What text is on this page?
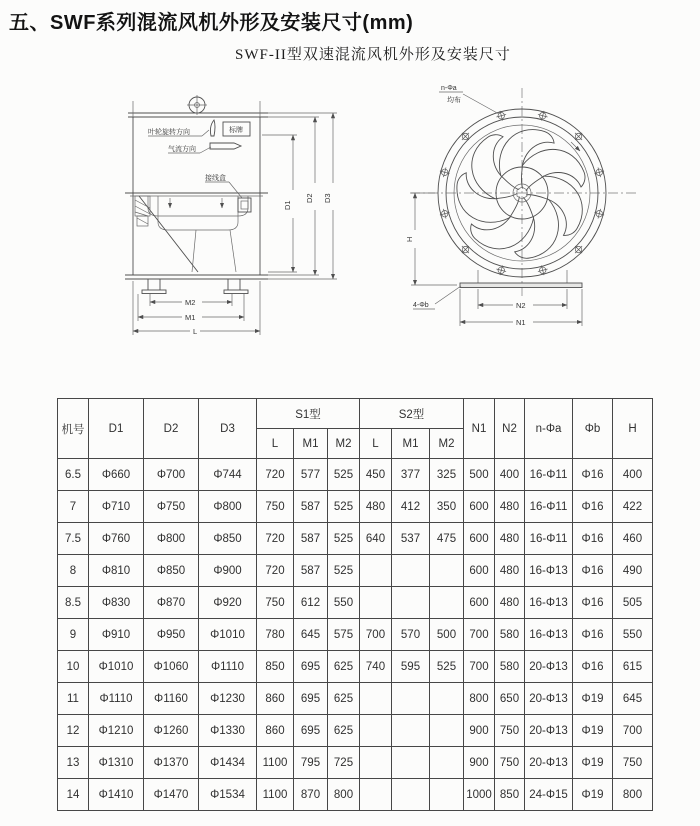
五、SWF系列混流风机外形及安装尺寸(mm)
SWF-II型双速混流风机外形及安装尺寸
接线盒
叶轮旋转方向	标牌
气流方向
M2
M1
L
D1
D2 D3
n-Φa
均布
H
4-Φb	N2
N1
机号	D1	D2	D3	S1型			S2型			N1	N2	n-Φa	Φb	H
				L	M1	M2	L	M1	M2					
6.5	Φ660	Φ700	Φ744	720	577	525	450	377	325	500	400	16-Φ11	Φ16	400
7	Φ710	Φ750	Φ800	750	587	525	480	412	350	600	480	16-Φ11	Φ16	422
7.5	Φ760	Φ800	Φ850	720	587	525	640	537	475	600	480	16-Φ11	Φ16	460
8	Φ810	Φ850	Φ900	720	587	525				600	480	16-Φ13	Φ16	490
8.5	Φ830	Φ870	Φ920	750	612	550				600	480	16-Φ13	Φ16	505
9	Φ910	Φ950	Φ1010	780	645	575	700	570	500	700	580	16-Φ13	Φ16	550
10	Φ1010	Φ1060	Φ1110	850	695	625	740	595	525	700	580	20-Φ13	Φ16	615
11	Φ1110	Φ1160	Φ1230	860	695	625				800	650	20-Φ13	Φ19	645
12	Φ1210	Φ1260	Φ1330	860	695	625				900	750	20-Φ13	Φ19	700
13	Φ1310	Φ1370	Φ1434	1100	795	725				900	750	20-Φ13	Φ19	750
14	Φ1410	Φ1470	Φ1534	1100	870	800				1000	850	24-Φ15	Φ19	800
